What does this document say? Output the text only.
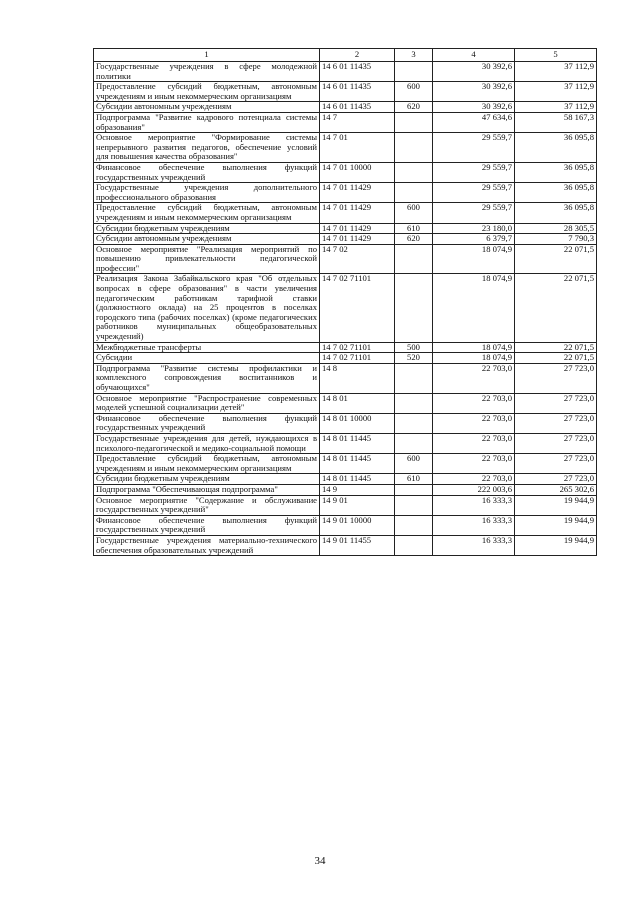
1	2	3	4	5
Государственные учреждения в сфере молодежной политики	14 6 01 11435		30 392,6	37 112,9
Предоставление субсидий бюджетным, автономным учреждениям и иным некоммерческим организациям	14 6 01 11435	600	30 392,6	37 112,9
Субсидии автономным учреждениям	14 6 01 11435	620	30 392,6	37 112,9
Подпрограмма "Развитие кадрового потенциала системы образования"	14 7		47 634,6	58 167,3
Основное мероприятие "Формирование системы непрерывного развития педагогов, обеспечение условий для повышения качества образования"	14 7 01		29 559,7	36 095,8
Финансовое обеспечение выполнения функций государственных учреждений	14 7 01 10000		29 559,7	36 095,8
Государственные учреждения дополнительного профессионального образования	14 7 01 11429		29 559,7	36 095,8
Предоставление субсидий бюджетным, автономным учреждениям и иным некоммерческим организациям	14 7 01 11429	600	29 559,7	36 095,8
Субсидии бюджетным учреждениям	14 7 01 11429	610	23 180,0	28 305,5
Субсидии автономным учреждениям	14 7 01 11429	620	6 379,7	7 790,3
Основное мероприятие "Реализация мероприятий по повышению привлекательности педагогической профессии"	14 7 02		18 074,9	22 071,5
Реализация Закона Забайкальского края "Об отдельных вопросах в сфере образования" в части увеличения педагогическим работникам тарифной ставки (должностного оклада) на 25 процентов в поселках городского типа (рабочих поселках) (кроме педагогических работников муниципальных общеобразовательных учреждений)	14 7 02 71101		18 074,9	22 071,5
Межбюджетные трансферты	14 7 02 71101	500	18 074,9	22 071,5
Субсидии	14 7 02 71101	520	18 074,9	22 071,5
Подпрограмма "Развитие системы профилактики и комплексного сопровождения воспитанников и обучающихся"	14 8		22 703,0	27 723,0
Основное мероприятие "Распространение современных моделей успешной социализации детей"	14 8 01		22 703,0	27 723,0
Финансовое обеспечение выполнения функций государственных учреждений	14 8 01 10000		22 703,0	27 723,0
Государственные учреждения для детей, нуждающихся в психолого-педагогической и медико-социальной помощи	14 8 01 11445		22 703,0	27 723,0
Предоставление субсидий бюджетным, автономным учреждениям и иным некоммерческим организациям	14 8 01 11445	600	22 703,0	27 723,0
Субсидии бюджетным учреждениям	14 8 01 11445	610	22 703,0	27 723,0
Подпрограмма "Обеспечивающая подпрограмма"	14 9		222 003,6	265 302,6
Основное мероприятие "Содержание и обслуживание государственных учреждений"	14 9 01		16 333,3	19 944,9
Финансовое обеспечение выполнения функций государственных учреждений	14 9 01 10000		16 333,3	19 944,9
Государственные учреждения материально-технического обеспечения образовательных учреждений	14 9 01 11455		16 333,3	19 944,9
34
